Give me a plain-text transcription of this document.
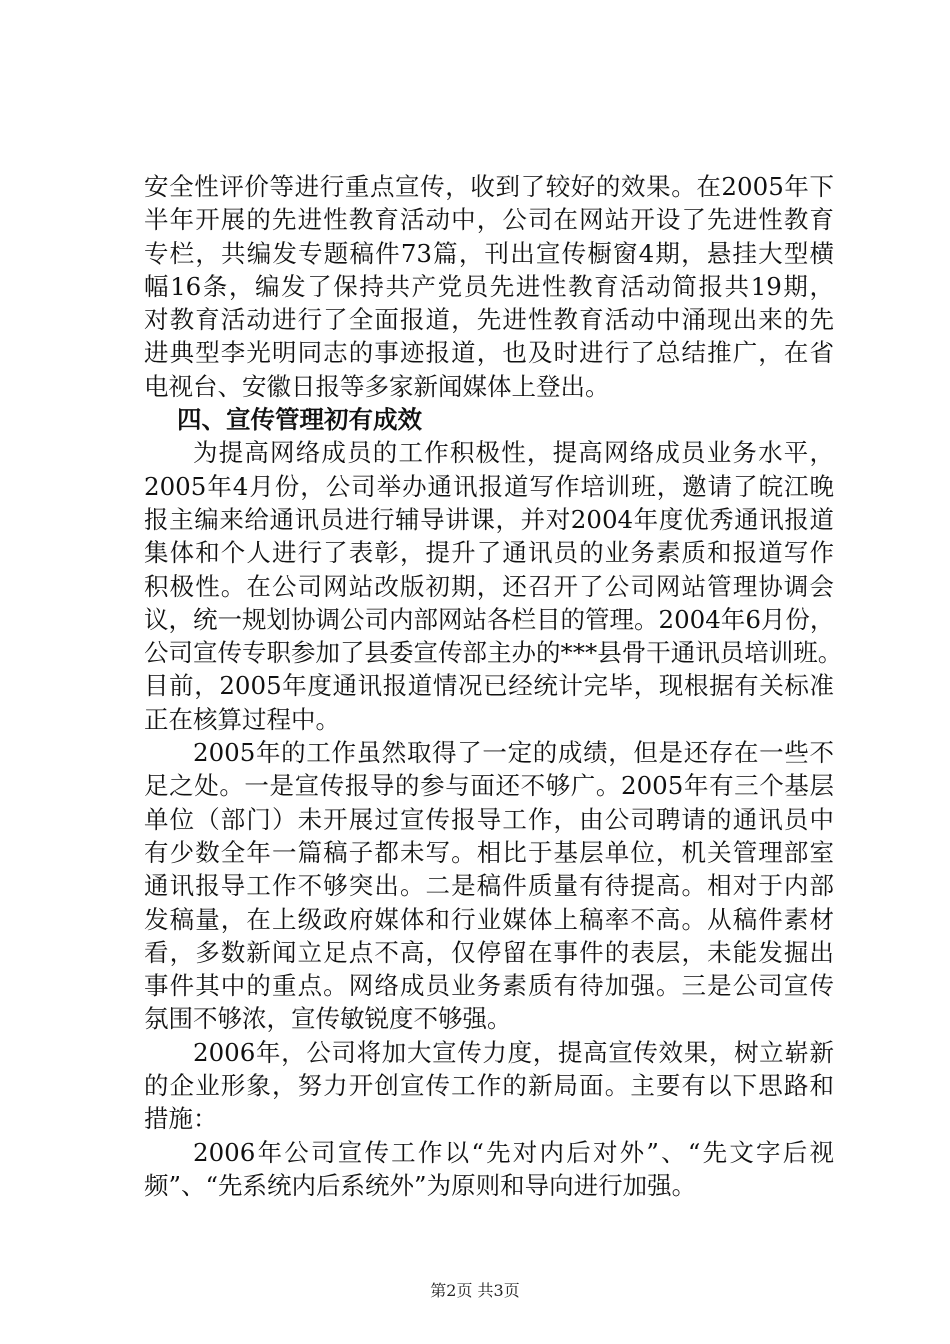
安全性评价等进行重点宣传，收到了较好的效果。在2005年下
半年开展的先进性教育活动中，公司在网站开设了先进性教育
专栏，共编发专题稿件73篇，刊出宣传橱窗4期，悬挂大型横
幅16条，编发了保持共产党员先进性教育活动简报共19期，
对教育活动进行了全面报道，先进性教育活动中涌现出来的先
进典型李光明同志的事迹报道，也及时进行了总结推广，在省
电视台、安徽日报等多家新闻媒体上登出。
四、宣传管理初有成效
为提高网络成员的工作积极性，提高网络成员业务水平，
2005年4月份，公司举办通讯报道写作培训班，邀请了皖江晚
报主编来给通讯员进行辅导讲课，并对2004年度优秀通讯报道
集体和个人进行了表彰，提升了通讯员的业务素质和报道写作
积极性。在公司网站改版初期，还召开了公司网站管理协调会
议，统一规划协调公司内部网站各栏目的管理。2004年6月份，
公司宣传专职参加了县委宣传部主办的***县骨干通讯员培训班。
目前，2005年度通讯报道情况已经统计完毕，现根据有关标准
正在核算过程中。
2005年的工作虽然取得了一定的成绩，但是还存在一些不
足之处。一是宣传报导的参与面还不够广。2005年有三个基层
单位（部门）未开展过宣传报导工作，由公司聘请的通讯员中
有少数全年一篇稿子都未写。相比于基层单位，机关管理部室
通讯报导工作不够突出。二是稿件质量有待提高。相对于内部
发稿量，在上级政府媒体和行业媒体上稿率不高。从稿件素材
看，多数新闻立足点不高，仅停留在事件的表层，未能发掘出
事件其中的重点。网络成员业务素质有待加强。三是公司宣传
氛围不够浓，宣传敏锐度不够强。
2006年，公司将加大宣传力度，提高宣传效果，树立崭新
的企业形象，努力开创宣传工作的新局面。主要有以下思路和
措施：
2006年公司宣传工作以“先对内后对外”、“先文字后视
频”、“先系统内后系统外”为原则和导向进行加强。
第2页 共3页
